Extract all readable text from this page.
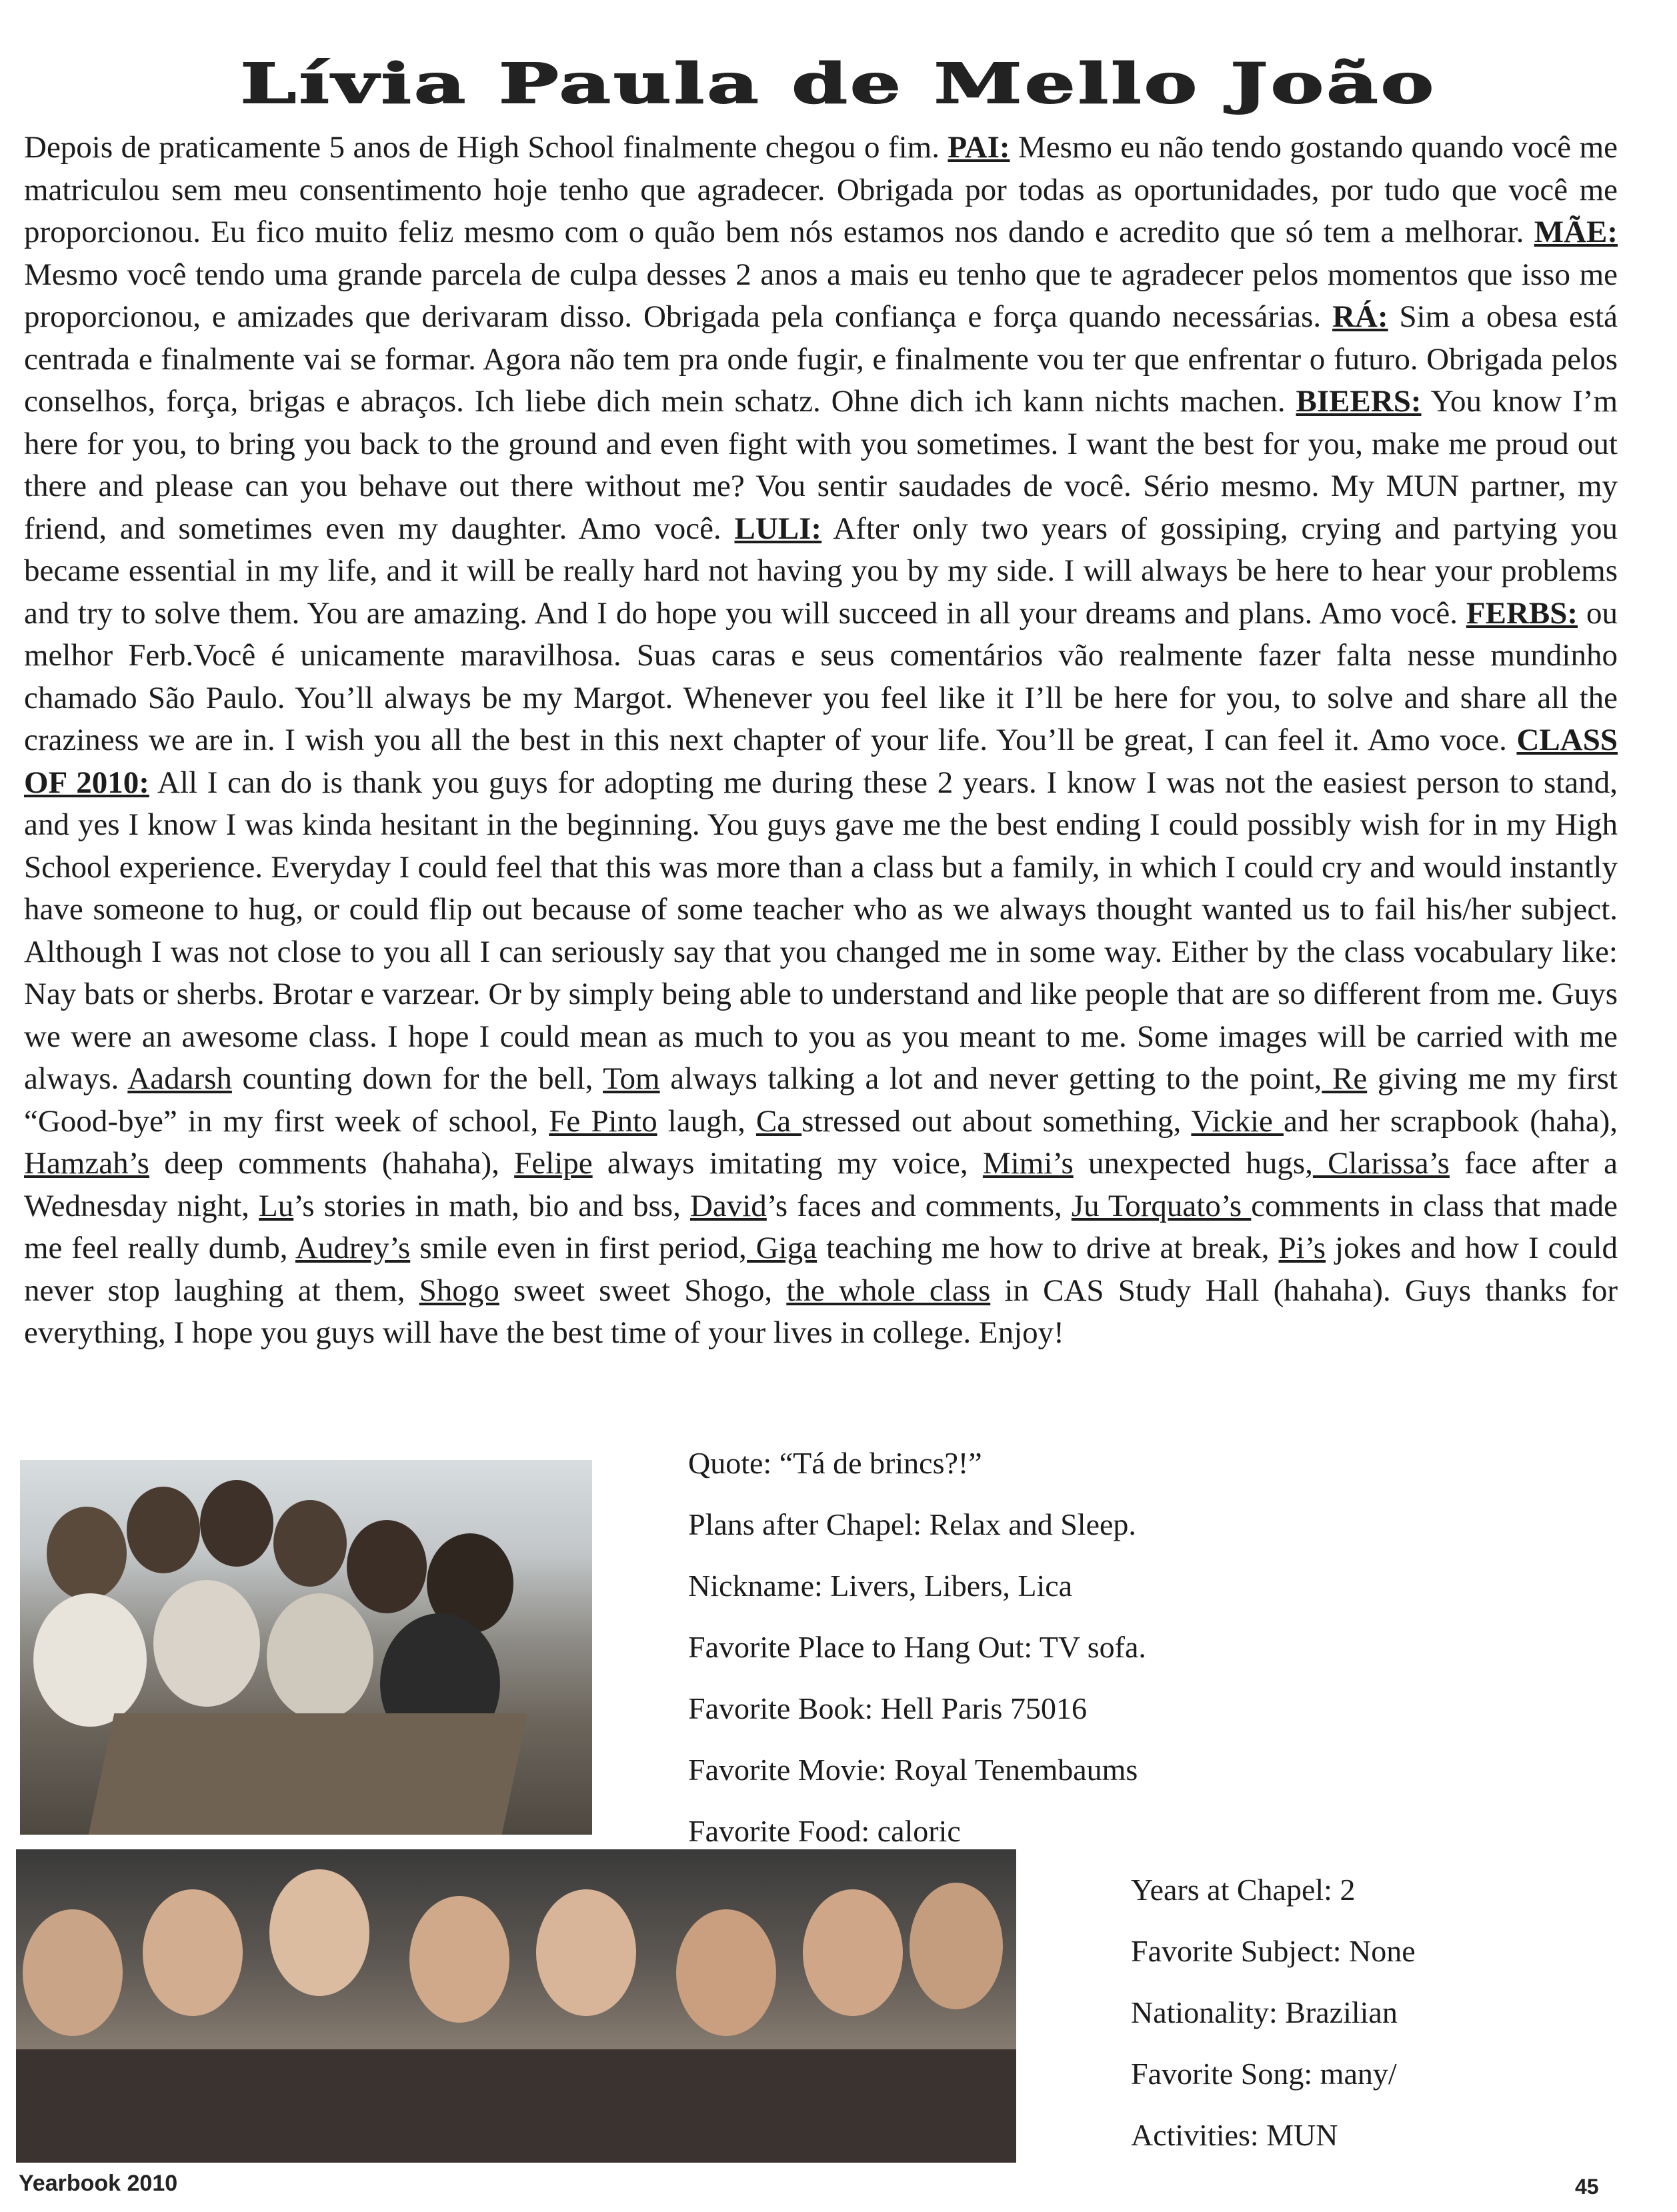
Lívia Paula de Mello João
Depois de praticamente 5 anos de High School finalmente chegou o fim. PAI: Mesmo eu não tendo gostando quando você me matriculou sem meu consentimento hoje tenho que agradecer. Obrigada por todas as oportunidades, por tudo que você me proporcionou. Eu fico muito feliz mesmo com o quão bem nós estamos nos dando e acredito que só tem a melhorar. MÃE: Mesmo você tendo uma grande parcela de culpa desses 2 anos a mais eu tenho que te agradecer pelos momentos que isso me proporcionou, e amizades que derivaram disso. Obrigada pela confiança e força quando necessárias. RÁ: Sim a obesa está centrada e finalmente vai se formar. Agora não tem pra onde fugir, e finalmente vou ter que enfrentar o futuro. Obrigada pelos conselhos, força, brigas e abraços. Ich liebe dich mein schatz. Ohne dich ich kann nichts machen. BIEERS: You know I’m here for you, to bring you back to the ground and even fight with you sometimes. I want the best for you, make me proud out there and please can you behave out there without me? Vou sentir saudades de você. Sério mesmo. My MUN partner, my friend, and sometimes even my daughter. Amo você. LULI: After only two years of gossiping, crying and partying you became essential in my life, and it will be really hard not having you by my side. I will always be here to hear your problems and try to solve them. You are amazing. And I do hope you will succeed in all your dreams and plans. Amo você. FERBS: ou melhor Ferb.Você é unicamente maravilhosa. Suas caras e seus comentários vão realmente fazer falta nesse mundinho chamado São Paulo. You’ll always be my Margot. Whenever you feel like it I’ll be here for you, to solve and share all the craziness we are in. I wish you all the best in this next chapter of your life. You’ll be great, I can feel it. Amo voce. CLASS OF 2010: All I can do is thank you guys for adopting me during these 2 years. I know I was not the easiest person to stand, and yes I know I was kinda hesitant in the beginning. You guys gave me the best ending I could possibly wish for in my High School experience. Everyday I could feel that this was more than a class but a family, in which I could cry and would instantly have someone to hug, or could flip out because of some teacher who as we always thought wanted us to fail his/her subject. Although I was not close to you all I can seriously say that you changed me in some way. Either by the class vocabulary like: Nay bats or sherbs. Brotar e varzear. Or by simply being able to understand and like people that are so different from me. Guys we were an awesome class. I hope I could mean as much to you as you meant to me. Some images will be carried with me always. Aadarsh counting down for the bell, Tom always talking a lot and never getting to the point, Re giving me my first “Good-bye” in my first week of school, Fe Pinto laugh, Ca stressed out about something, Vickie and her scrapbook (haha), Hamzah’s deep comments (hahaha), Felipe always imitating my voice, Mimi’s unexpected hugs, Clarissa’s face after a Wednesday night, Lu’s stories in math, bio and bss, David’s faces and comments, Ju Torquato’s comments in class that made me feel really dumb, Audrey’s smile even in first period, Giga teaching me how to drive at break, Pi’s jokes and how I could never stop laughing at them, Shogo sweet sweet Shogo, the whole class in CAS Study Hall (hahaha). Guys thanks for everything, I hope you guys will have the best time of your lives in college. Enjoy!
Quote: “Tá de brincs?!”
Plans after Chapel: Relax and Sleep.
Nickname: Livers, Libers, Lica
Favorite Place to Hang Out: TV sofa.
Favorite Book: Hell Paris 75016
Favorite Movie: Royal Tenembaums
Favorite Food: caloric
Years at Chapel: 2
Favorite Subject: None
Nationality: Brazilian
Favorite Song: many/
Activities: MUN
Yearbook 2010	45
